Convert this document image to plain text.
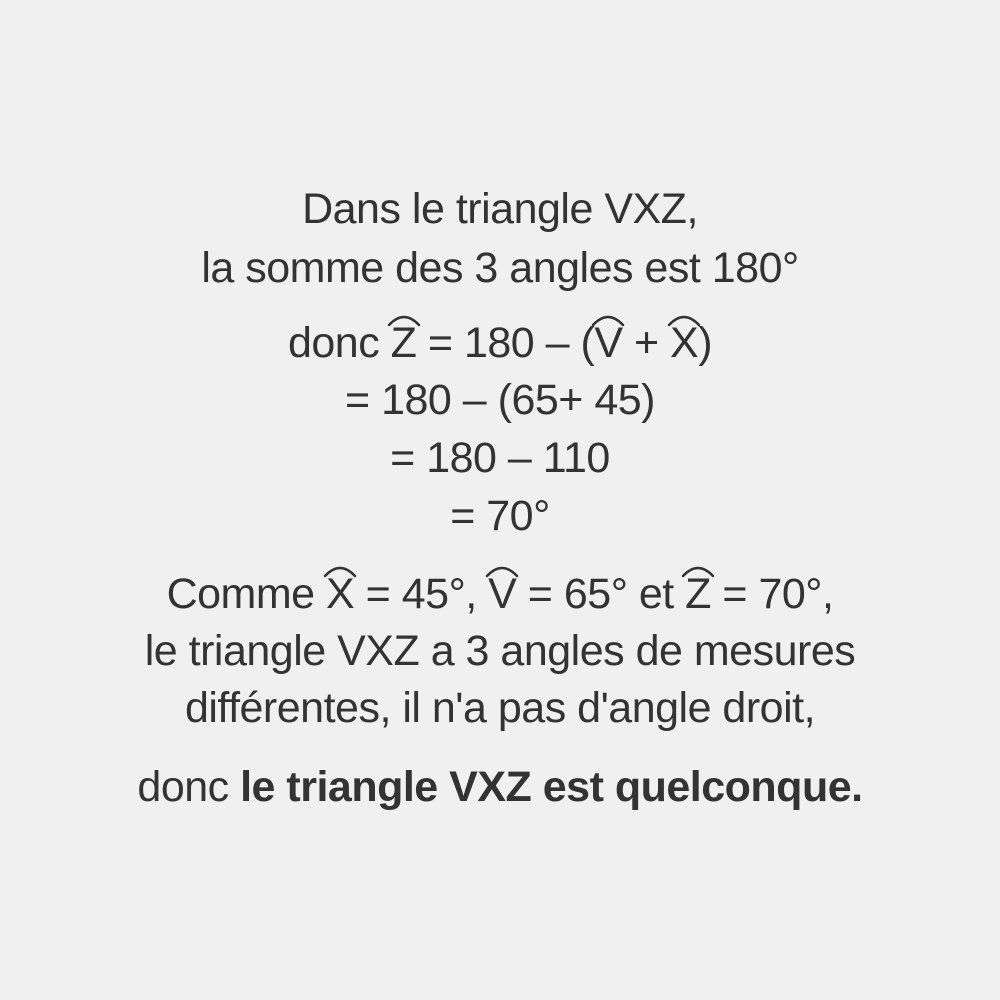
Dans le triangle VXZ,
la somme des 3 angles est 180°
donc
Z = 180 – (
V +
X)
= 180 – (65+ 45)
= 180 – 110
= 70°
Comme
X = 45°,
V = 65° et
Z = 70°,
le triangle VXZ a 3 angles de mesures
différentes, il n'a pas d'angle droit,
donc le triangle VXZ est quelconque.
